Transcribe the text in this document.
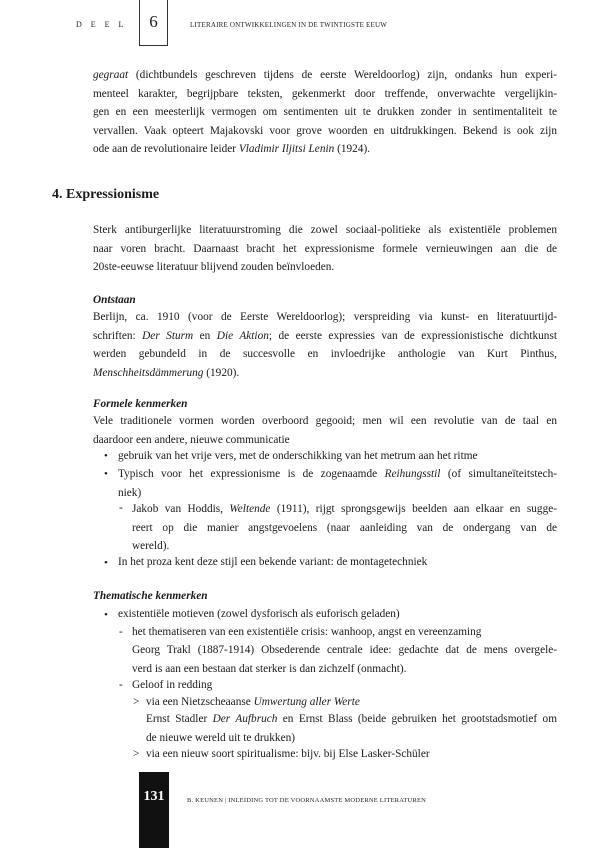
DEEL 6	LITERAIRE ONTWIKKELINGEN IN DE TWINTIGSTE EEUW
gegraat (dichtbundels geschreven tijdens de eerste Wereldoorlog) zijn, ondanks hun experi-
menteel karakter, begrijpbare teksten, gekenmerkt door treffende, onverwachte vergelijkin-
gen en een meesterlijk vermogen om sentimenten uit te drukken zonder in sentimentaliteit te
vervallen. Vaak opteert Majakovski voor grove woorden en uitdrukkingen. Bekend is ook zijn
ode aan de revolutionaire leider Vladimir Iljitsi Lenin (1924).
4. Expressionisme
Sterk antiburgerlijke literatuurstroming die zowel sociaal-politieke als existentiële problemen
naar voren bracht. Daarnaast bracht het expressionisme formele vernieuwingen aan die de
20ste-eeuwse literatuur blijvend zouden beïnvloeden.
Ontstaan
Berlijn, ca. 1910 (voor de Eerste Wereldoorlog); verspreiding via kunst- en literatuurtijd-
schriften: Der Sturm en Die Aktion; de eerste expressies van de expressionistische dichtkunst
werden gebundeld in de succesvolle en invloedrijke anthologie van Kurt Pinthus,
Menschheitsdämmerung (1920).
Formele kenmerken
Vele traditionele vormen worden overboord gegooid; men wil een revolutie van de taal en
daardoor een andere, nieuwe communicatie
• gebruik van het vrije vers, met de onderschikking van het metrum aan het ritme
• Typisch voor het expressionisme is de zogenaamde Reihungsstil (of simultaneïteitstech-
niek)
- Jakob van Hoddis, Weltende (1911), rijgt sprongsgewijs beelden aan elkaar en sugge-
reert op die manier angstgevoelens (naar aanleiding van de ondergang van de
wereld).
• In het proza kent deze stijl een bekende variant: de montagetechniek
Thematische kenmerken
• existentiële motieven (zowel dysforisch als euforisch geladen)
- het thematiseren van een existentiële crisis: wanhoop, angst en vereenzaming
Georg Trakl (1887-1914) Obsederende centrale idee: gedachte dat de mens overgele-
verd is aan een bestaan dat sterker is dan zichzelf (onmacht).
- Geloof in redding
> via een Nietzscheaanse Umwertung aller Werte
Ernst Stadler Der Aufbruch en Ernst Blass (beide gebruiken het grootstadsmotief om
de nieuwe wereld uit te drukken)
> via een nieuw soort spiritualisme: bijv. bij Else Lasker-Schüler
131	B. KEUNEN | INLEIDING TOT DE VOORNAAMSTE MODERNE LITERATUREN
